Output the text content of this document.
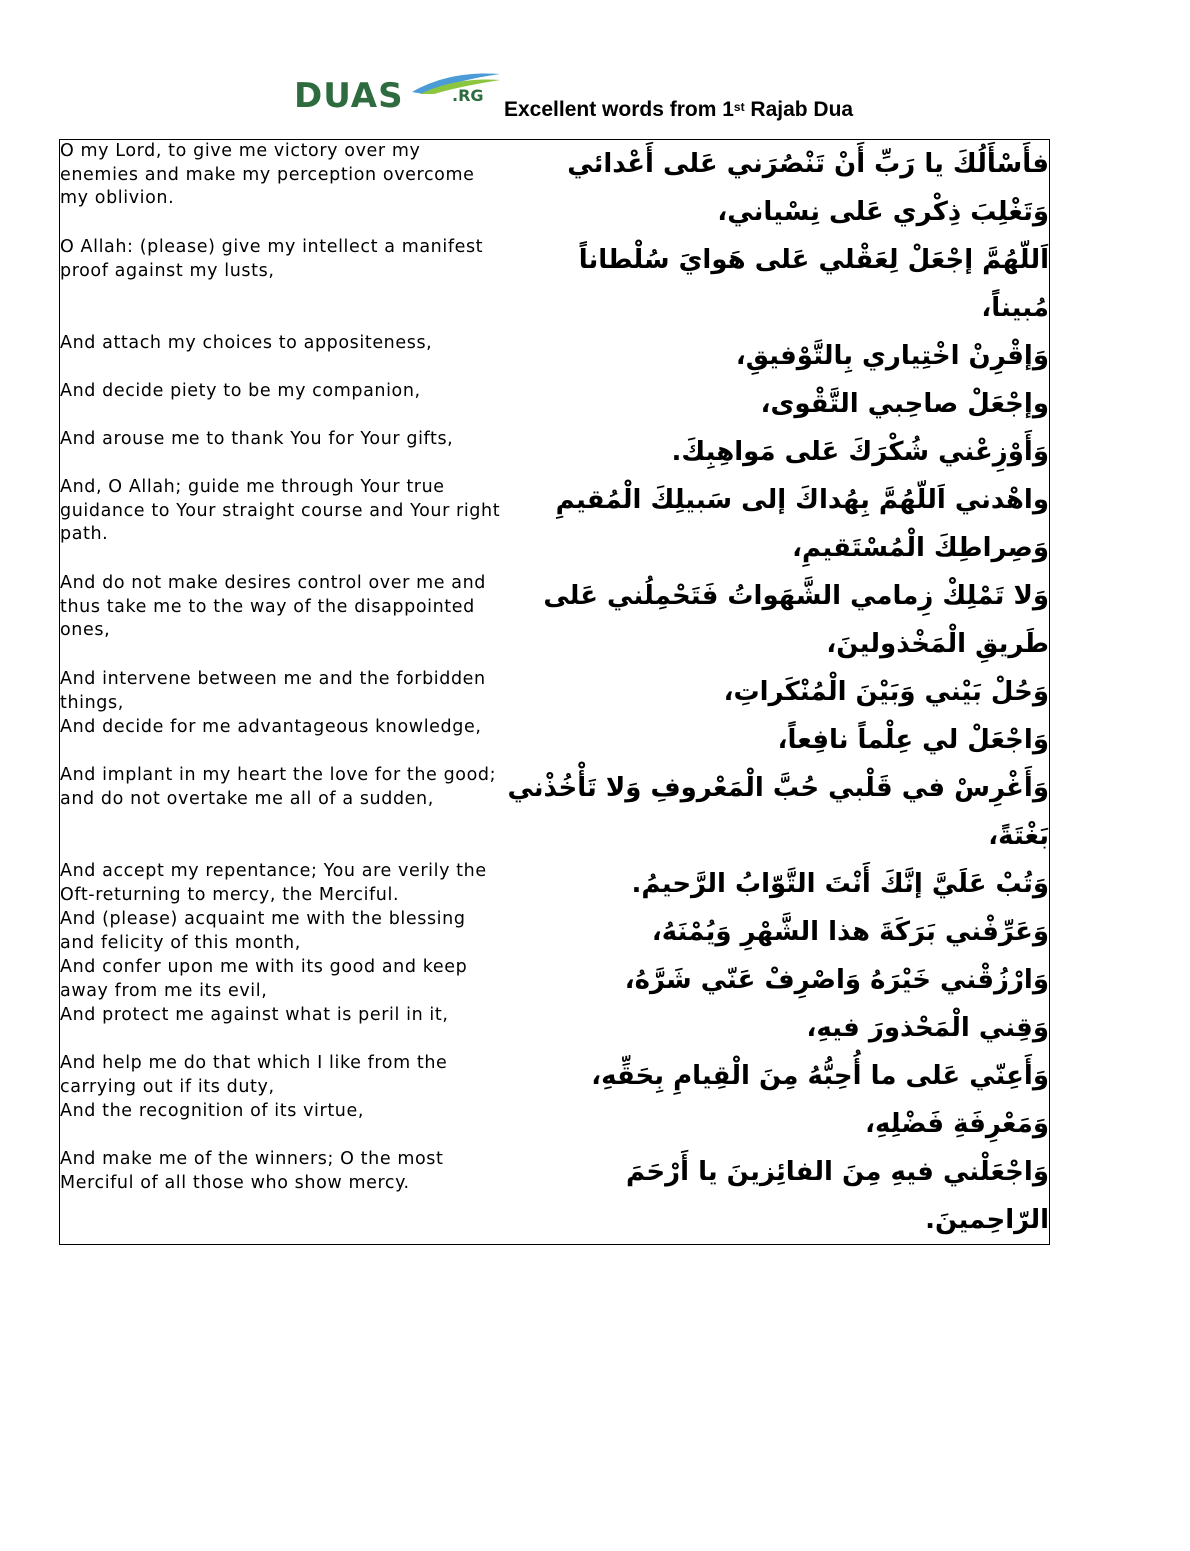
DUAS	.RG
Excellent words from 1st Rajab Dua
O my Lord, to give me victory over my enemies and make my perception overcome my oblivion.	فأَسْأَلُكَ يا رَبِّ أَنْ تَنْصُرَني عَلى أَعْدائي وَتَغْلِبَ ذِكْري عَلى نِسْياني،
O Allah: (please) give my intellect a manifest proof against my lusts,	اَللّهُمَّ إجْعَلْ لِعَقْلي عَلى هَوايَ سُلْطاناً مُبيناً،
And attach my choices to appositeness,	وَإقْرِنْ اخْتِياري بِالتَّوْفيقِ،
And decide piety to be my companion,	وإجْعَلْ صاحِبي التَّقْوى،
And arouse me to thank You for Your gifts,	وَأَوْزِعْني شُكْرَكَ عَلى مَواهِبِكَ.
And, O Allah; guide me through Your true guidance to Your straight course and Your right path.	واهْدني اَللّهُمَّ بِهُداكَ إلى سَبيلِكَ الْمُقيمِ وَصِراطِكَ الْمُسْتَقيمِ،
And do not make desires control over me and thus take me to the way of the disappointed ones,	وَلا تَمْلِكْ زِمامي الشَّهَواتُ فَتَحْمِلُني عَلى طَريقِ الْمَخْذولينَ،
And intervene between me and the forbidden things,	وَحُلْ بَيْني وَبَيْنَ الْمُنْكَراتِ،
And decide for me advantageous knowledge,	وَاجْعَلْ لي عِلْماً نافِعاً،
And implant in my heart the love for the good; and do not overtake me all of a sudden,	وَأَغْرِسْ في قَلْبي حُبَّ الْمَعْروفِ وَلا تَأْخُذْني بَغْتَةً،
And accept my repentance; You are verily the Oft-returning to mercy, the Merciful.	وَتُبْ عَلَيَّ إنَّكَ أَنْتَ التَّوّابُ الرَّحيمُ.
And (please) acquaint me with the blessing and felicity of this month,	وَعَرِّفْني بَرَكَةَ هذا الشَّهْرِ وَيُمْنَهُ،
And confer upon me with its good and keep away from me its evil,	وَارْزُقْني خَيْرَهُ وَاصْرِفْ عَنّي شَرَّهُ،
And protect me against what is peril in it,	وَقِني الْمَحْذورَ فيهِ،
And help me do that which I like from the carrying out if its duty,	وَأَعِنّي عَلى ما أُحِبُّهُ مِنَ الْقِيامِ بِحَقِّهِ،
And the recognition of its virtue,	وَمَعْرِفَةِ فَضْلِهِ،
And make me of the winners; O the most Merciful of all those who show mercy.	وَاجْعَلْني فيهِ مِنَ الفائِزينَ يا أَرْحَمَ الرّاحِمينَ.
